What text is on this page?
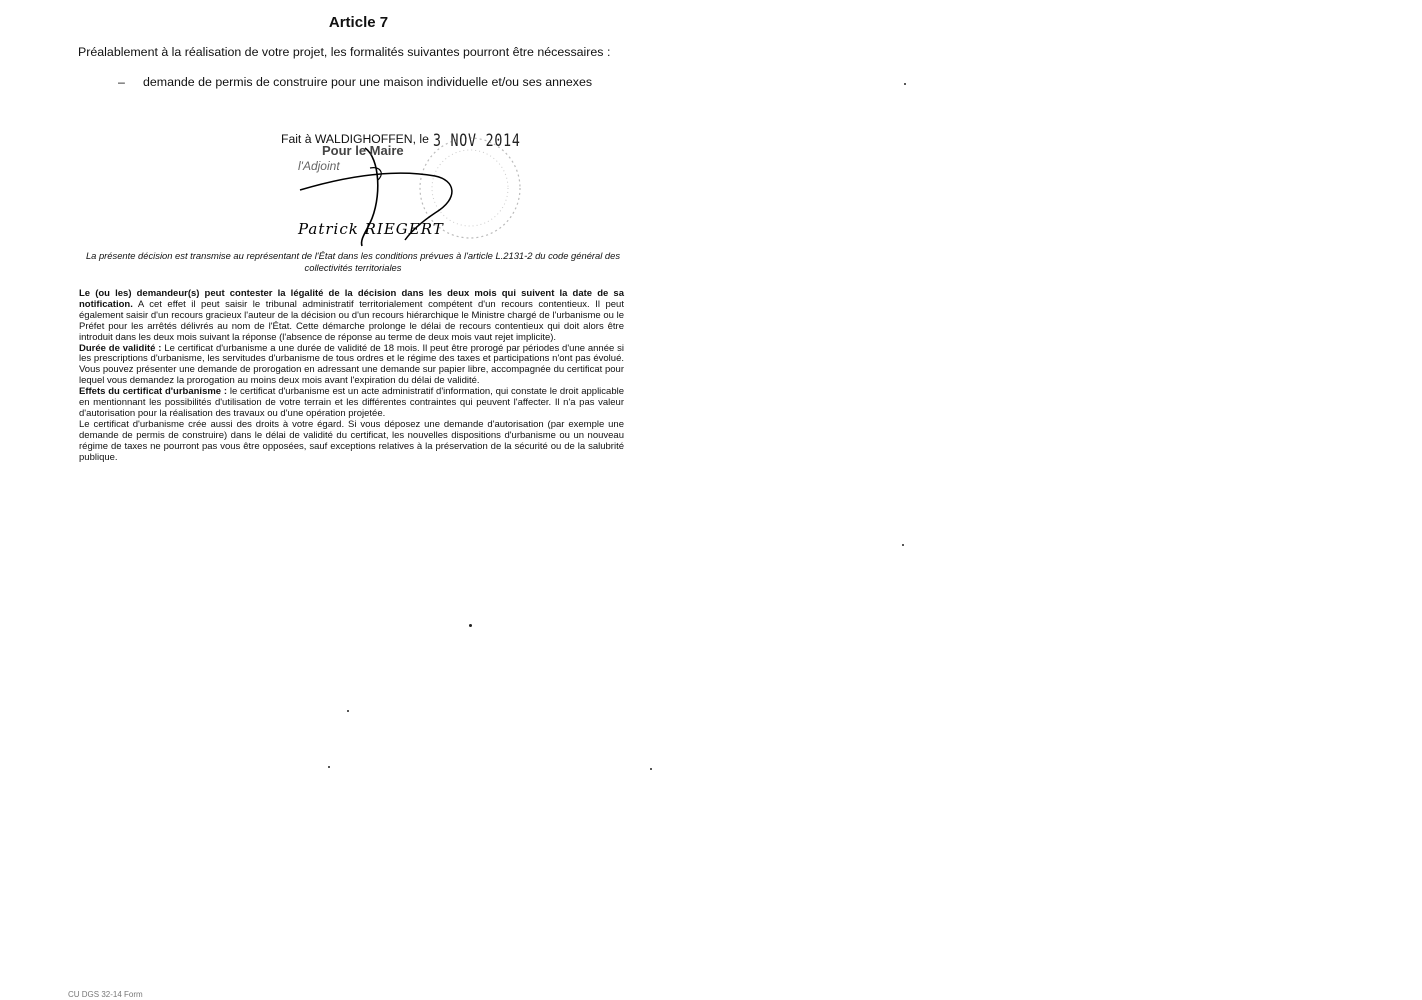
Article 7
Préalablement à la réalisation de votre projet, les formalités suivantes pourront être nécessaires :
– demande de permis de construire pour une maison individuelle et/ou ses annexes
Fait à WALDIGHOFFEN, le 3 NOV 2014
Pour le Maire
l'Adjoint
Patrick RIEGERT
La présente décision est transmise au représentant de l'État dans les conditions prévues à l'article L.2131-2 du code général des collectivités territoriales

Le (ou les) demandeur(s) peut contester la légalité de la décision dans les deux mois qui suivent la date de sa notification. A cet effet il peut saisir le tribunal administratif territorialement compétent d'un recours contentieux. Il peut également saisir d'un recours gracieux l'auteur de la décision ou d'un recours hiérarchique le Ministre chargé de l'urbanisme ou le Préfet pour les arrêtés délivrés au nom de l'État. Cette démarche prolonge le délai de recours contentieux qui doit alors être introduit dans les deux mois suivant la réponse (l'absence de réponse au terme de deux mois vaut rejet implicite).

Durée de validité : Le certificat d'urbanisme a une durée de validité de 18 mois. Il peut être prorogé par périodes d'une année si les prescriptions d'urbanisme, les servitudes d'urbanisme de tous ordres et le régime des taxes et participations n'ont pas évolué. Vous pouvez présenter une demande de prorogation en adressant une demande sur papier libre, accompagnée du certificat pour lequel vous demandez la prorogation au moins deux mois avant l'expiration du délai de validité.

Effets du certificat d'urbanisme : le certificat d'urbanisme est un acte administratif d'information, qui constate le droit applicable en mentionnant les possibilités d'utilisation de votre terrain et les différentes contraintes qui peuvent l'affecter. Il n'a pas valeur d'autorisation pour la réalisation des travaux ou d'une opération projetée.

Le certificat d'urbanisme crée aussi des droits à votre égard. Si vous déposez une demande d'autorisation (par exemple une demande de permis de construire) dans le délai de validité du certificat, les nouvelles dispositions d'urbanisme ou un nouveau régime de taxes ne pourront pas vous être opposées, sauf exceptions relatives à la préservation de la sécurité ou de la salubrité publique.

CU DGS 32-14 Form
